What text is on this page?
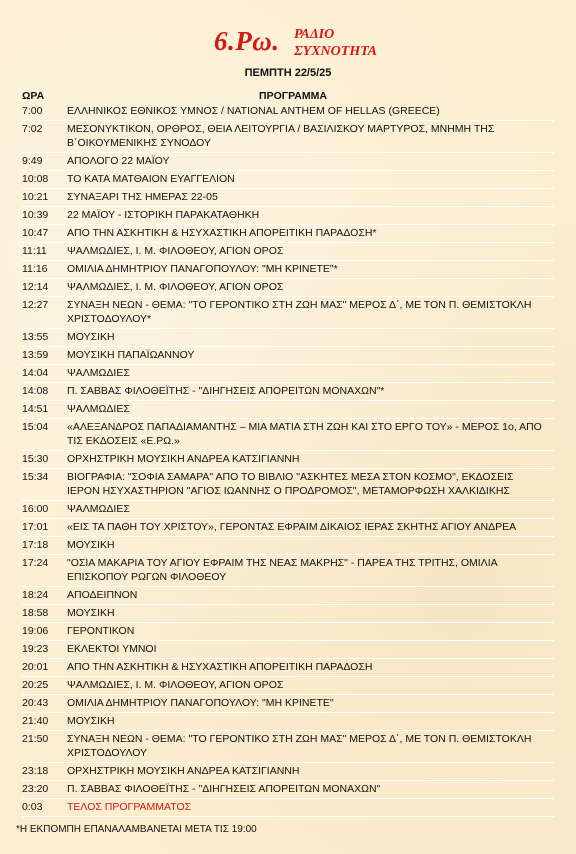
6.Ρω. ΡΑΔΙΟ
ΣΥΧΝΟΤΗΤΑ
ΠΕΜΠΤΗ 22/5/25
ΩΡΑ	ΠΡΟΓΡΑΜΜΑ
7:00	ΕΛΛΗΝΙΚΟΣ ΕΘΝΙΚΟΣ ΥΜΝΟΣ / NATIONAL ANTHEM OF HELLAS (GREECE)
7:02	ΜΕΣΟΝΥΚΤΙΚΟΝ, ΟΡΘΡΟΣ, ΘΕΙΑ ΛΕΙΤΟΥΡΓΙΑ / ΒΑΣΙΛΙΣΚΟΥ ΜΑΡΤΥΡΟΣ, ΜΝΗΜΗ ΤΗΣ Β΄ΟΙΚΟΥΜΕΝΙΚΗΣ ΣΥΝΟΔΟΥ
9:49	ΑΠΟΛΟΓΟ 22 ΜΑΪΟΥ
10:08	ΤΟ ΚΑΤΑ ΜΑΤΘΑΙΟΝ ΕΥΑΓΓΕΛΙΟΝ
10:21	ΣΥΝΑΞΑΡΙ ΤΗΣ ΗΜΕΡΑΣ 22-05
10:39	22 ΜΑΪΟΥ - ΙΣΤΟΡΙΚΗ ΠΑΡΑΚΑΤΑΘΗΚΗ
10:47	ΑΠΟ ΤΗΝ ΑΣΚΗΤΙΚΗ & ΗΣΥΧΑΣΤΙΚΗ ΑΠΟΡΕΙΤΙΚΗ ΠΑΡΑΔΟΣΗ*
11:11	ΨΑΛΜΩΔΙΕΣ, Ι. Μ. ΦΙΛΟΘΕΟΥ, ΑΓΙΟΝ ΟΡΟΣ
11:16	ΟΜΙΛΙΑ ΔΗΜΗΤΡΙΟΥ ΠΑΝΑΓΟΠΟΥΛΟΥ: "ΜΗ ΚΡΙΝΕΤΕ"*
12:14	ΨΑΛΜΩΔΙΕΣ, Ι. Μ. ΦΙΛΟΘΕΟΥ, ΑΓΙΟΝ ΟΡΟΣ
12:27	ΣΥΝΑΞΗ ΝΕΩΝ - ΘΕΜΑ: "ΤΟ ΓΕΡΟΝΤΙΚΟ ΣΤΗ ΖΩΗ ΜΑΣ" ΜΕΡΟΣ Δ΄, ΜΕ ΤΟΝ Π. ΘΕΜΙΣΤΟΚΛΗ ΧΡΙΣΤΟΔΟΥΛΟΥ*
13:55	ΜΟΥΣΙΚΗ
13:59	ΜΟΥΣΙΚΗ ΠΑΠΑΪΩΑΝΝΟΥ
14:04	ΨΑΛΜΩΔΙΕΣ
14:08	Π. ΣΑΒΒΑΣ ΦΙΛΟΘΕΪΤΗΣ - "ΔΙΗΓΗΣΕΙΣ ΑΠΟΡΕΙΤΩΝ ΜΟΝΑΧΩΝ"*
14:51	ΨΑΛΜΩΔΙΕΣ
15:04	«ΑΛΕΞΑΝΔΡΟΣ ΠΑΠΑΔΙΑΜΑΝΤΗΣ – ΜΙΑ ΜΑΤΙΑ ΣΤΗ ΖΩΗ ΚΑΙ ΣΤΟ ΕΡΓΟ ΤΟΥ» - ΜΕΡΟΣ 1ο, ΑΠΟ ΤΙΣ ΕΚΔΟΣΕΙΣ «Ε.ΡΩ.»
15:30	ΟΡΧΗΣΤΡΙΚΗ ΜΟΥΣΙΚΗ ΑΝΔΡΕΑ ΚΑΤΣΙΓΙΑΝΝΗ
15:34	ΒΙΟΓΡΑΦΙΑ: "ΣΟΦΙΑ ΣΑΜΑΡΑ" ΑΠΟ ΤΟ ΒΙΒΛΙΟ "ΑΣΚΗΤΕΣ ΜΕΣΑ ΣΤΟΝ ΚΟΣΜΟ", ΕΚΔΟΣΕΙΣ ΙΕΡΟΝ ΗΣΥΧΑΣΤΗΡΙΟΝ "ΑΓΙΟΣ ΙΩΑΝΝΗΣ Ο ΠΡΟΔΡΟΜΟΣ", ΜΕΤΑΜΟΡΦΩΣΗ ΧΑΛΚΙΔΙΚΗΣ
16:00	ΨΑΛΜΩΔΙΕΣ
17:01	«ΕΙΣ ΤΑ ΠΑΘΗ ΤΟΥ ΧΡΙΣΤΟΥ», ΓΕΡΟΝΤΑΣ ΕΦΡΑΙΜ ΔΙΚΑΙΟΣ ΙΕΡΑΣ ΣΚΗΤΗΣ ΑΓΙΟΥ ΑΝΔΡΕΑ
17:18	ΜΟΥΣΙΚΗ
17:24	"ΟΣΙΑ ΜΑΚΑΡΙΑ ΤΟΥ ΑΓΙΟΥ ΕΦΡΑΙΜ ΤΗΣ ΝΕΑΣ ΜΑΚΡΗΣ" - ΠΑΡΕΑ ΤΗΣ ΤΡΙΤΗΣ, ΟΜΙΛΙΑ ΕΠΙΣΚΟΠΟΥ ΡΩΓΩΝ ΦΙΛΟΘΕΟΥ
18:24	ΑΠΟΔΕΙΠΝΟΝ
18:58	ΜΟΥΣΙΚΗ
19:06	ΓΕΡΟΝΤΙΚΟΝ
19:23	ΕΚΛΕΚΤΟΙ ΥΜΝΟΙ
20:01	ΑΠΟ ΤΗΝ ΑΣΚΗΤΙΚΗ & ΗΣΥΧΑΣΤΙΚΗ ΑΠΟΡΕΙΤΙΚΗ ΠΑΡΑΔΟΣΗ
20:25	ΨΑΛΜΩΔΙΕΣ, Ι. Μ. ΦΙΛΟΘΕΟΥ, ΑΓΙΟΝ ΟΡΟΣ
20:43	ΟΜΙΛΙΑ ΔΗΜΗΤΡΙΟΥ ΠΑΝΑΓΟΠΟΥΛΟΥ: "ΜΗ ΚΡΙΝΕΤΕ"
21:40	ΜΟΥΣΙΚΗ
21:50	ΣΥΝΑΞΗ ΝΕΩΝ - ΘΕΜΑ: "ΤΟ ΓΕΡΟΝΤΙΚΟ ΣΤΗ ΖΩΗ ΜΑΣ" ΜΕΡΟΣ Δ΄, ΜΕ ΤΟΝ Π. ΘΕΜΙΣΤΟΚΛΗ ΧΡΙΣΤΟΔΟΥΛΟΥ
23:18	ΟΡΧΗΣΤΡΙΚΗ ΜΟΥΣΙΚΗ ΑΝΔΡΕΑ ΚΑΤΣΙΓΙΑΝΝΗ
23:20	Π. ΣΑΒΒΑΣ ΦΙΛΟΘΕΪΤΗΣ - "ΔΙΗΓΗΣΕΙΣ ΑΠΟΡΕΙΤΩΝ ΜΟΝΑΧΩΝ"
0:03	ΤΕΛΟΣ ΠΡΟΓΡΑΜΜΑΤΟΣ
*Η ΕΚΠΟΜΠΗ ΕΠΑΝΑΛΑΜΒΑΝΕΤΑΙ ΜΕΤΑ ΤΙΣ 19:00
